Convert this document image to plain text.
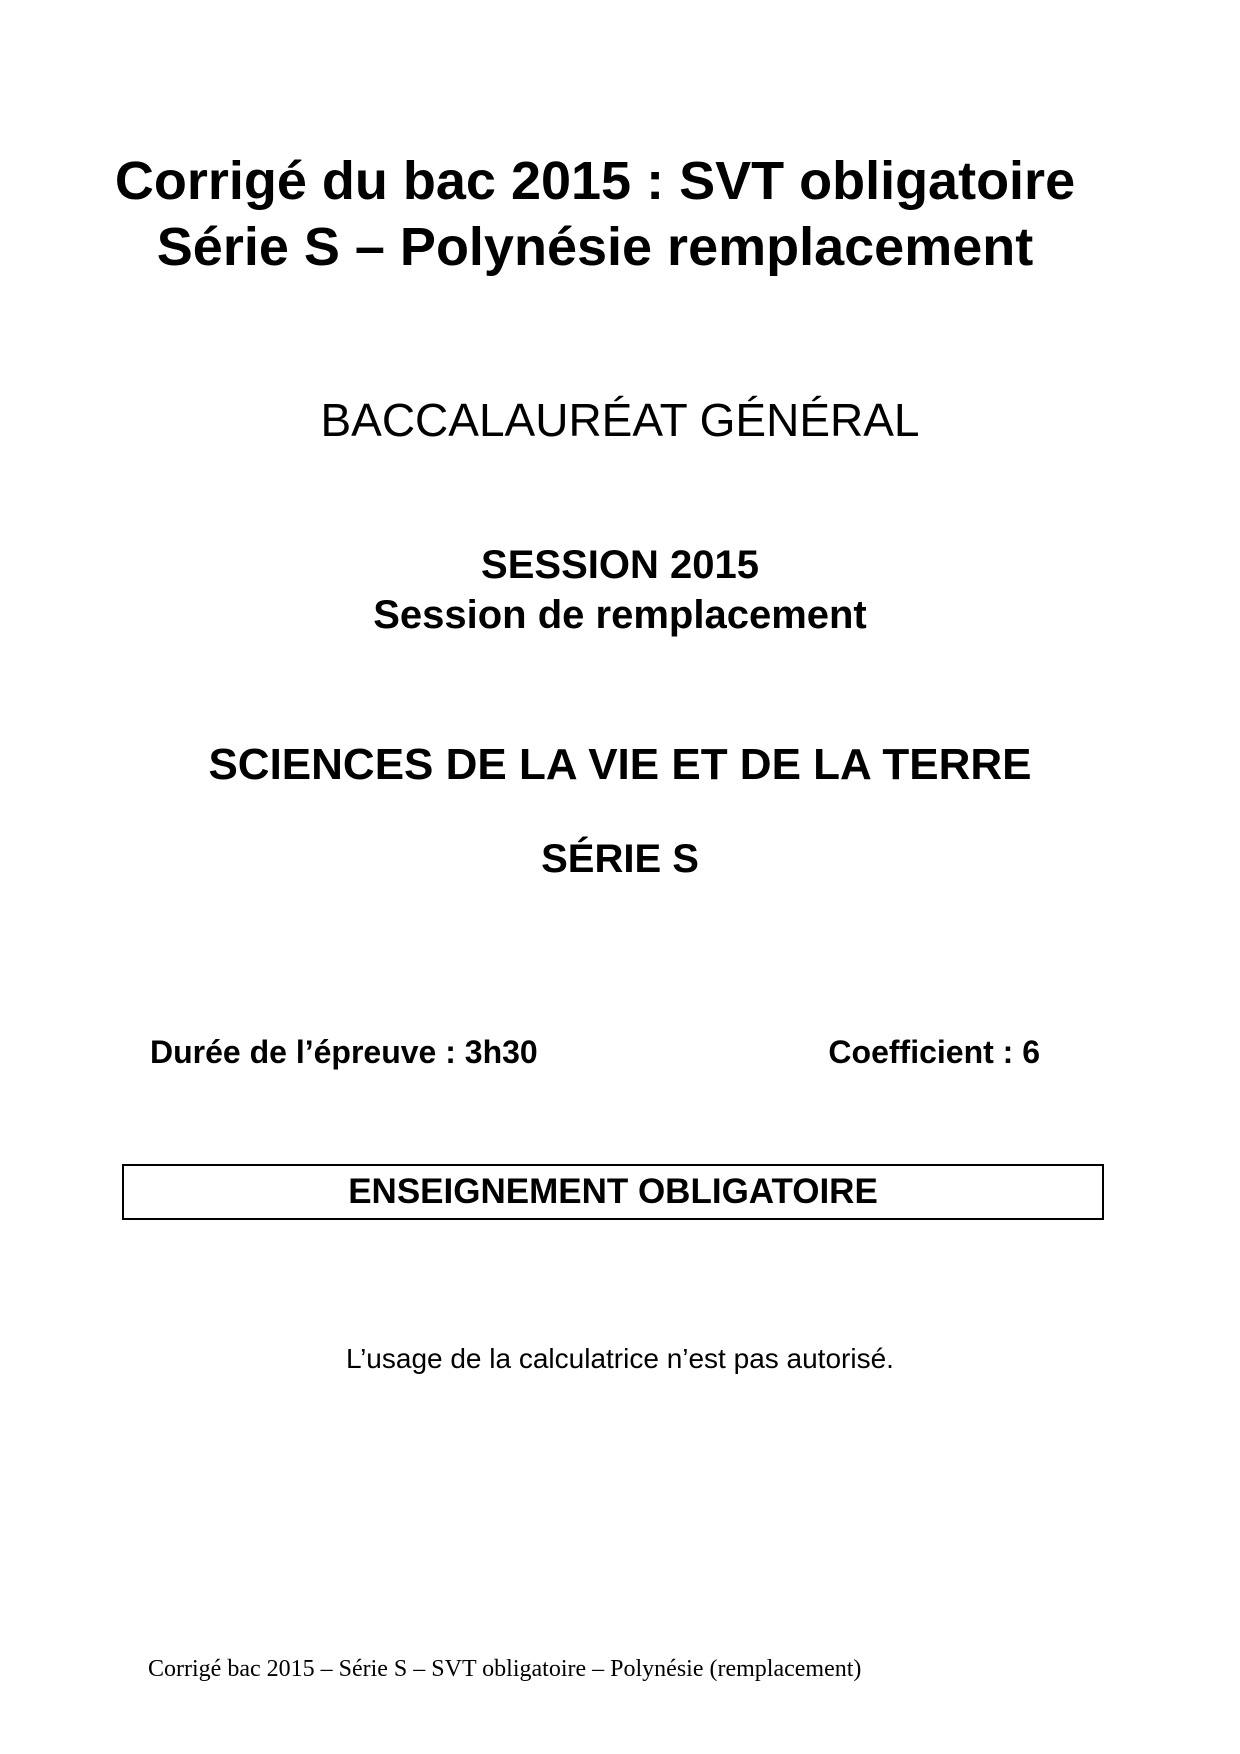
Corrigé du bac 2015 : SVT obligatoire
Série S – Polynésie remplacement
BACCALAURÉAT GÉNÉRAL
SESSION 2015
Session de remplacement
SCIENCES DE LA VIE ET DE LA TERRE
SÉRIE S
Durée de l’épreuve : 3h30	Coefficient : 6
ENSEIGNEMENT OBLIGATOIRE
L’usage de la calculatrice n’est pas autorisé.
Corrigé bac 2015 – Série S – SVT obligatoire – Polynésie (remplacement)
